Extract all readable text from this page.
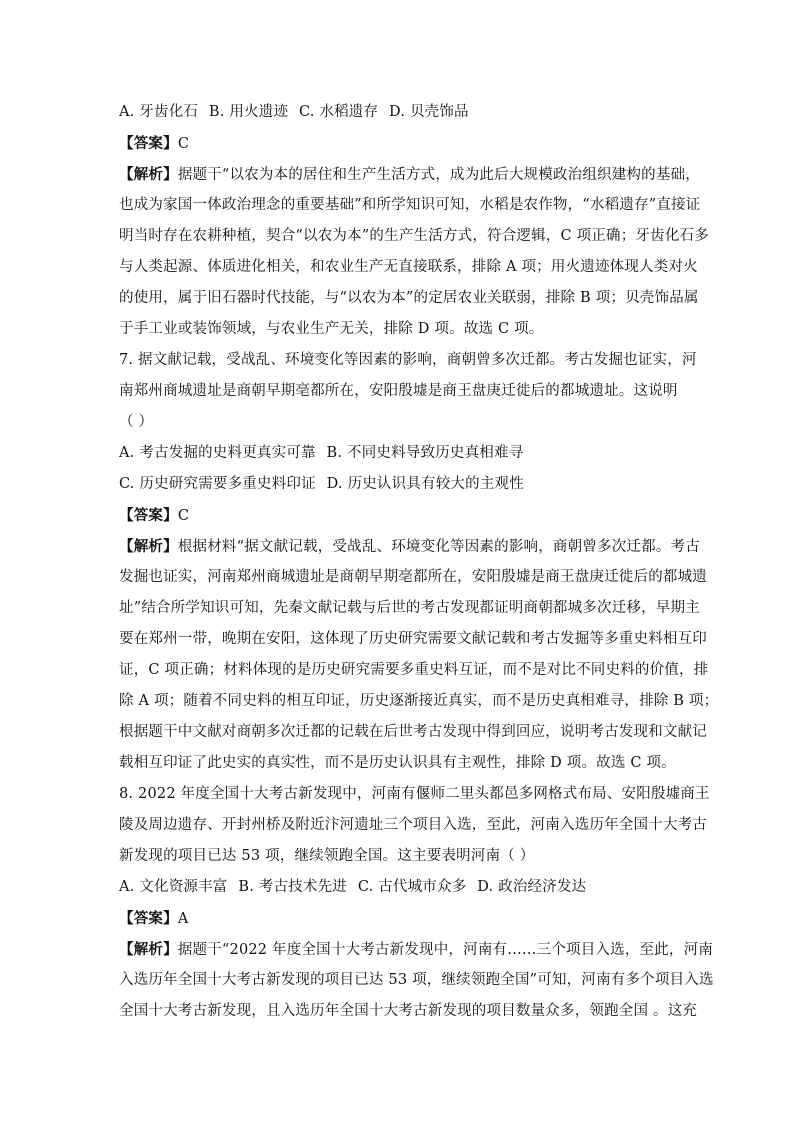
A. 牙齿化石 B. 用火遗迹 C. 水稻遗存 D. 贝壳饰品
【答案】C
【解析】据题干“以农为本的居住和生产生活方式，成为此后大规模政治组织建构的基础，
也成为家国一体政治理念的重要基础”和所学知识可知，水稻是农作物，“水稻遗存”直接证
明当时存在农耕种植，契合“以农为本”的生产生活方式，符合逻辑，C 项正确；牙齿化石多
与人类起源、体质进化相关，和农业生产无直接联系，排除 A 项；用火遗迹体现人类对火
的使用，属于旧石器时代技能，与“以农为本”的定居农业关联弱，排除 B 项；贝壳饰品属
于手工业或装饰领域，与农业生产无关，排除 D 项。故选 C 项。
7. 据文献记载，受战乱、环境变化等因素的影响，商朝曾多次迁都。考古发掘也证实，河
南郑州商城遗址是商朝早期亳都所在，安阳殷墟是商王盘庚迁徙后的都城遗址。这说明
（ ）
A. 考古发掘的史料更真实可靠 B. 不同史料导致历史真相难寻
C. 历史研究需要多重史料印证 D. 历史认识具有较大的主观性
【答案】C
【解析】根据材料“据文献记载，受战乱、环境变化等因素的影响，商朝曾多次迁都。考古
发掘也证实，河南郑州商城遗址是商朝早期亳都所在，安阳殷墟是商王盘庚迁徙后的都城遗
址”结合所学知识可知，先秦文献记载与后世的考古发现都证明商朝都城多次迁移，早期主
要在郑州一带，晚期在安阳，这体现了历史研究需要文献记载和考古发掘等多重史料相互印
证，C 项正确；材料体现的是历史研究需要多重史料互证，而不是对比不同史料的价值，排
除 A 项；随着不同史料的相互印证，历史逐渐接近真实，而不是历史真相难寻，排除 B 项；
根据题干中文献对商朝多次迁都的记载在后世考古发现中得到回应，说明考古发现和文献记
载相互印证了此史实的真实性，而不是历史认识具有主观性，排除 D 项。故选 C 项。
8. 2022 年度全国十大考古新发现中，河南有偃师二里头都邑多网格式布局、安阳殷墟商王
陵及周边遗存、开封州桥及附近汴河遗址三个项目入选，至此，河南入选历年全国十大考古
新发现的项目已达 53 项，继续领跑全国。这主要表明河南（ ）
A. 文化资源丰富 B. 考古技术先进 C. 古代城市众多 D. 政治经济发达
【答案】A
【解析】据题干“2022 年度全国十大考古新发现中，河南有……三个项目入选，至此，河南
入选历年全国十大考古新发现的项目已达 53 项，继续领跑全国”可知，河南有多个项目入选
全国十大考古新发现，且入选历年全国十大考古新发现的项目数量众多，领跑全国 。这充
